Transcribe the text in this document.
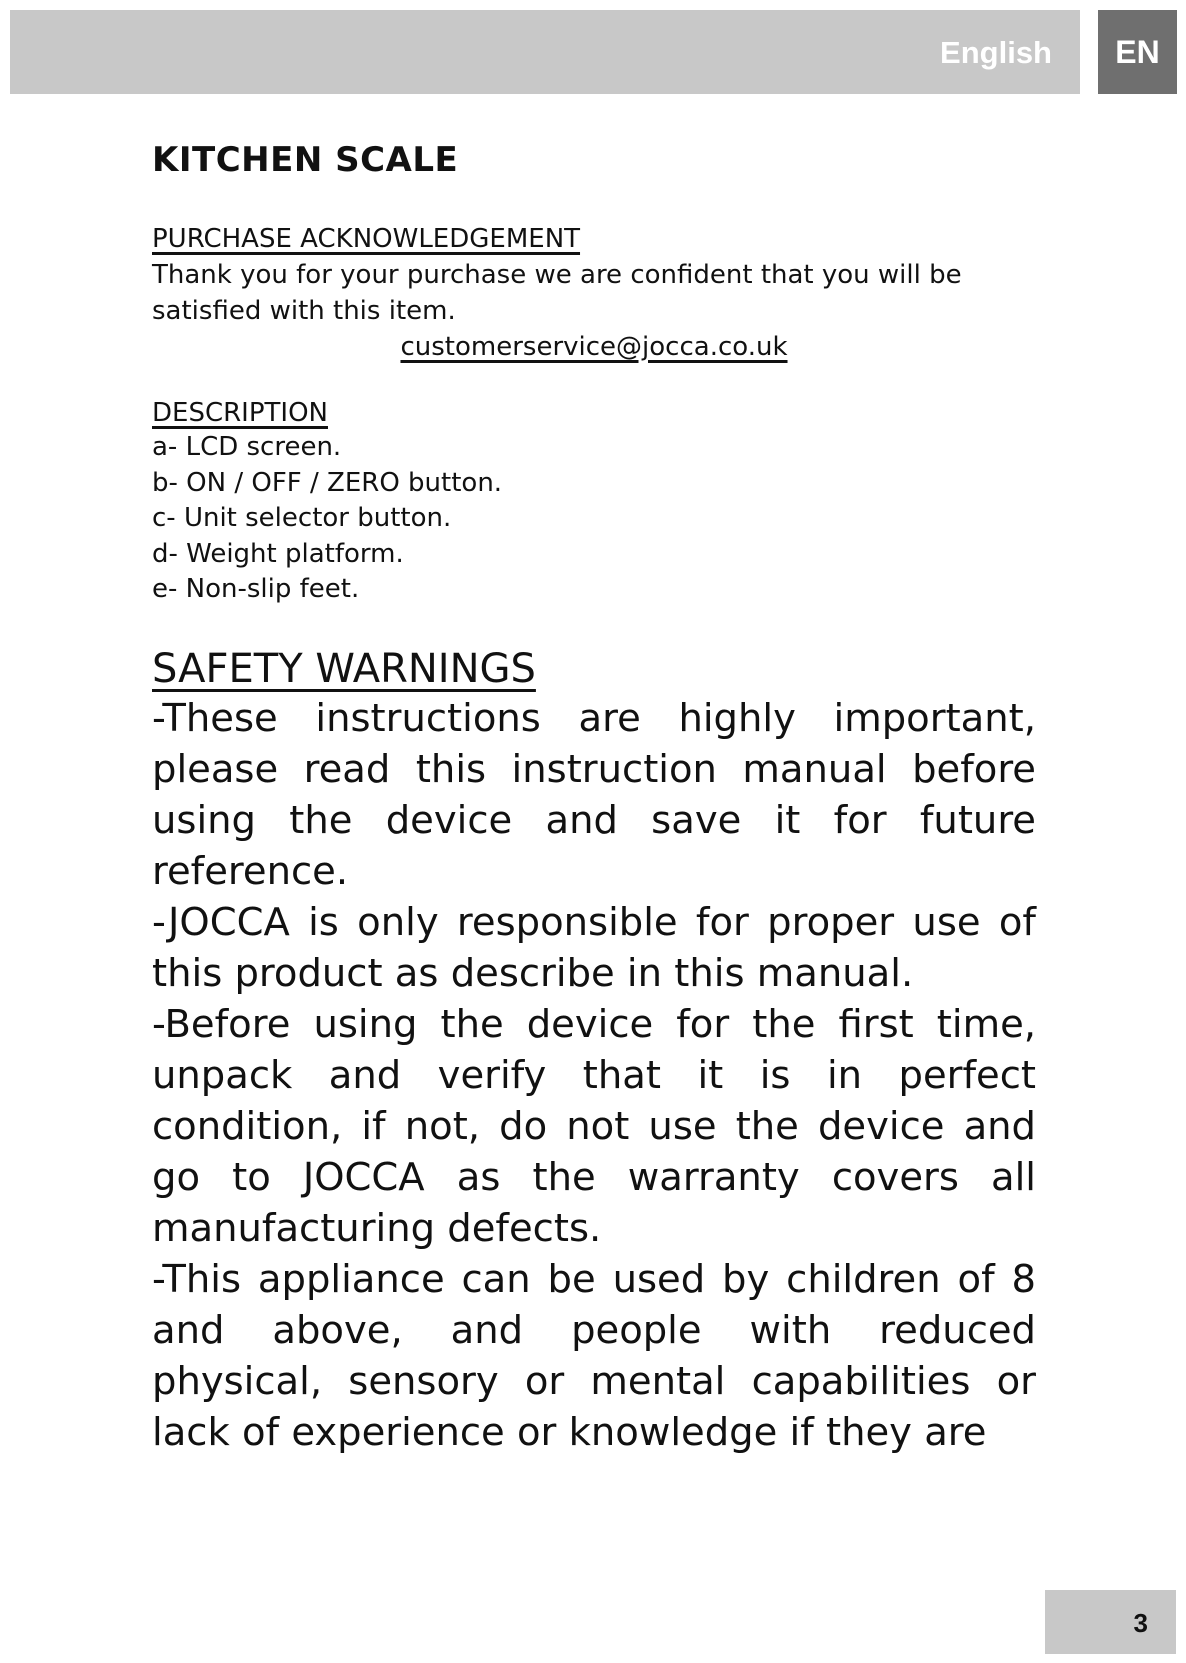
English	EN
KITCHEN SCALE
PURCHASE ACKNOWLEDGEMENT

Thank you for your purchase we are confident that you will be satisfied with this item.

customerservice@jocca.co.uk
DESCRIPTION
a- LCD screen.
b- ON / OFF / ZERO button.
c- Unit selector button.
d- Weight platform.
e- Non-slip feet.
SAFETY WARNINGS

-These instructions are highly important, please read this instruction manual before using the device and save it for future reference.

-JOCCA is only responsible for proper use of this product as describe in this manual.

-Before using the device for the first time, unpack and verify that it is in perfect condition, if not, do not use the device and go to JOCCA as the warranty covers all manufacturing defects.

-This appliance can be used by children of 8 and above, and people with reduced physical, sensory or mental capabilities or lack of experience or knowledge if they are

3
